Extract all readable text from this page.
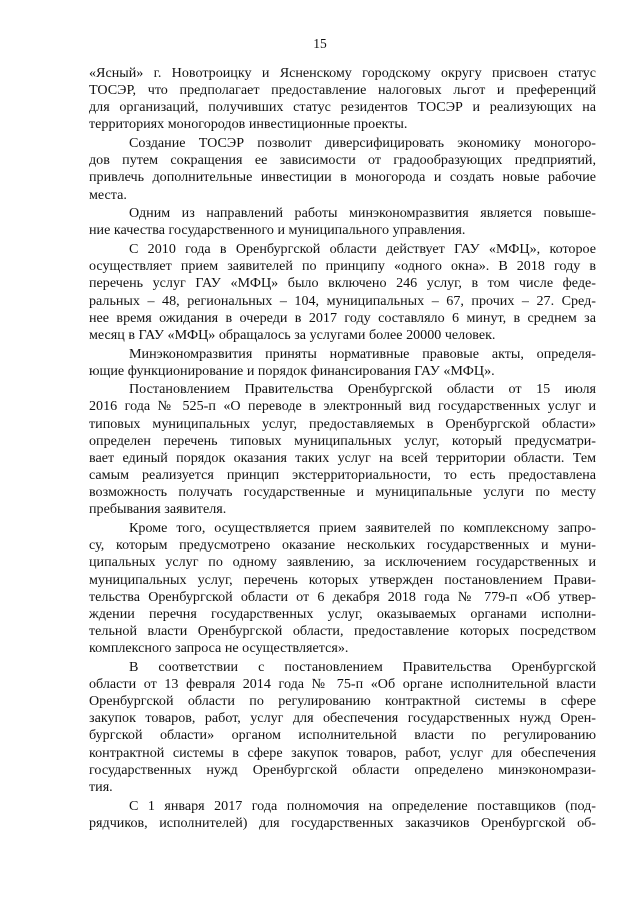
15

«Ясный» г. Новотроицку и Ясненскому городскому округу присвоен статус
ТОСЭР, что предполагает предоставление налоговых льгот и преференций
для организаций, получивших статус резидентов ТОСЭР и реализующих на
территориях моногородов инвестиционные проекты.

Создание ТОСЭР позволит диверсифицировать экономику моногоро-
дов путем сокращения ее зависимости от градообразующих предприятий,
привлечь дополнительные инвестиции в моногорода и создать новые рабочие
места.

Одним из направлений работы минэкономразвития является повыше-
ние качества государственного и муниципального управления.

С 2010 года в Оренбургской области действует ГАУ «МФЦ», которое
осуществляет прием заявителей по принципу «одного окна». В 2018 году в
перечень услуг ГАУ «МФЦ» было включено 246 услуг, в том числе феде-
ральных – 48, региональных – 104, муниципальных – 67, прочих – 27. Сред-
нее время ожидания в очереди в 2017 году составляло 6 минут, в среднем за
месяц в ГАУ «МФЦ» обращалось за услугами более 20000 человек.

Минэкономразвития приняты нормативные правовые акты, определя-
ющие функционирование и порядок финансирования ГАУ «МФЦ».

Постановлением Правительства Оренбургской области от 15 июля
2016 года № 525-п «О переводе в электронный вид государственных услуг и
типовых муниципальных услуг, предоставляемых в Оренбургской области»
определен перечень типовых муниципальных услуг, который предусматри-
вает единый порядок оказания таких услуг на всей территории области. Тем
самым реализуется принцип экстерриториальности, то есть предоставлена
возможность получать государственные и муниципальные услуги по месту
пребывания заявителя.

Кроме того, осуществляется прием заявителей по комплексному запро-
су, которым предусмотрено оказание нескольких государственных и муни-
ципальных услуг по одному заявлению, за исключением государственных и
муниципальных услуг, перечень которых утвержден постановлением Прави-
тельства Оренбургской области от 6 декабря 2018 года № 779-п «Об утвер-
ждении перечня государственных услуг, оказываемых органами исполни-
тельной власти Оренбургской области, предоставление которых посредством
комплексного запроса не осуществляется».

В соответствии с постановлением Правительства Оренбургской
области от 13 февраля 2014 года № 75-п «Об органе исполнительной власти
Оренбургской области по регулированию контрактной системы в сфере
закупок товаров, работ, услуг для обеспечения государственных нужд Орен-
бургской области» органом исполнительной власти по регулированию
контрактной системы в сфере закупок товаров, работ, услуг для обеспечения
государственных нужд Оренбургской области определено минэкономрази-
тия.

С 1 января 2017 года полномочия на определение поставщиков (под-
рядчиков, исполнителей) для государственных заказчиков Оренбургской об-
